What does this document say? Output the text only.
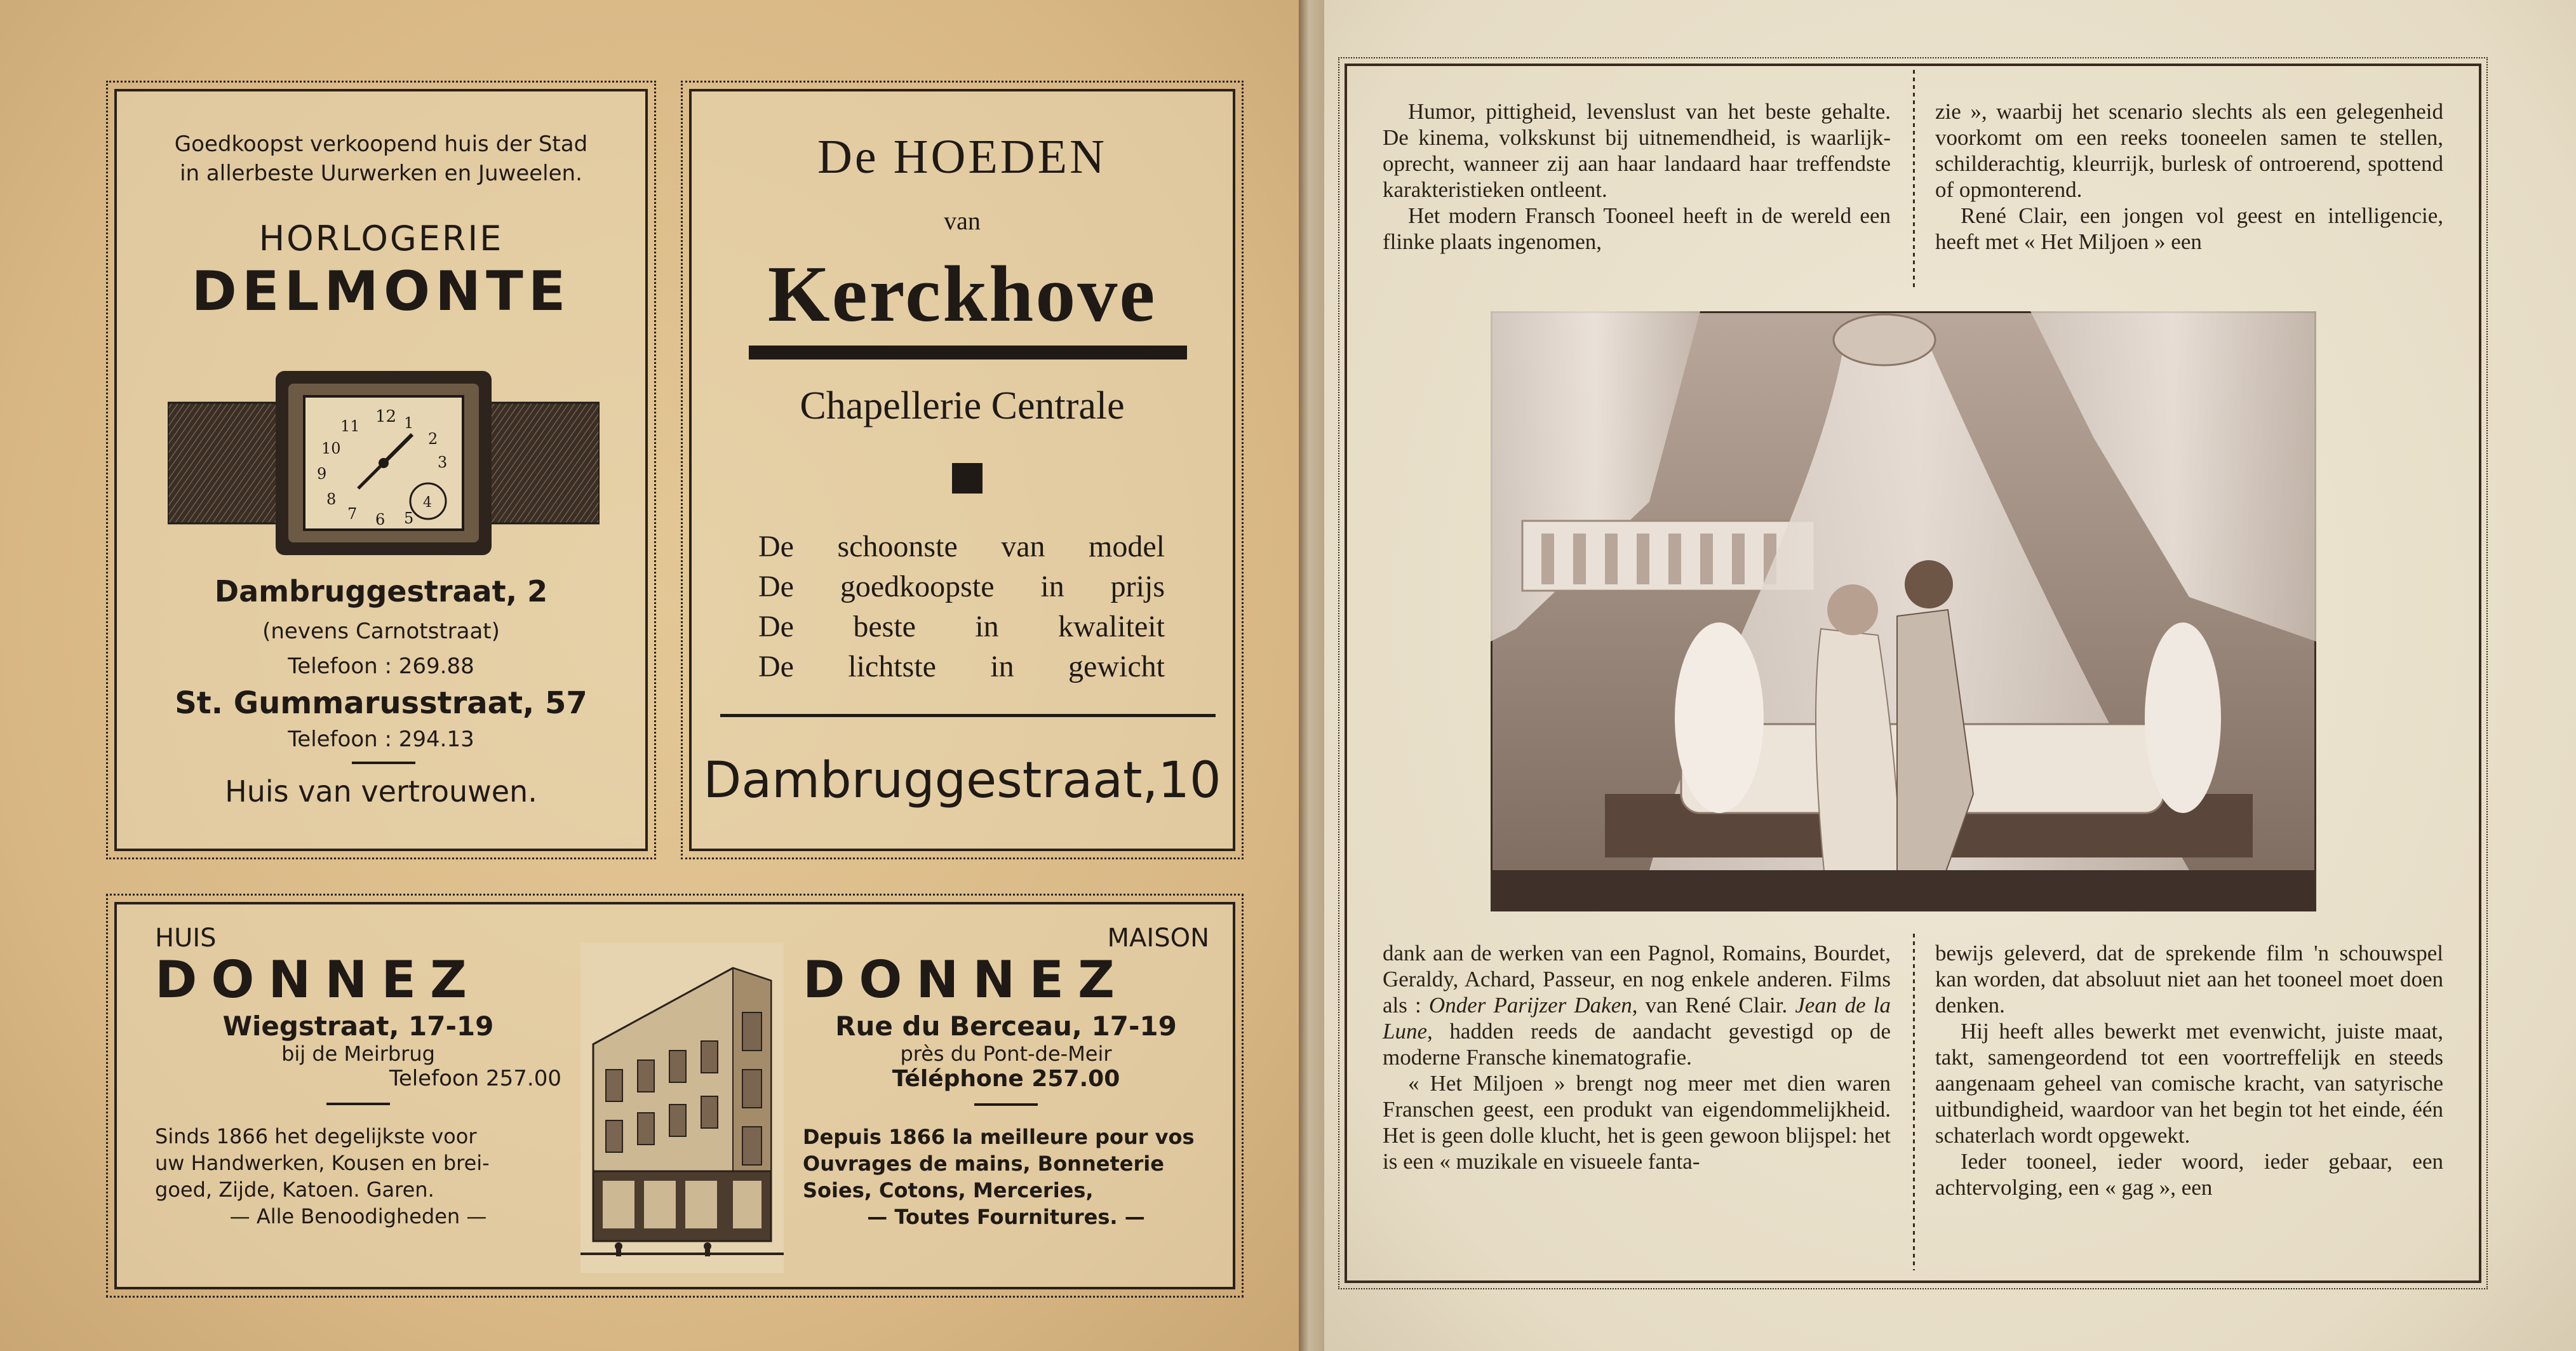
Goedkoopst verkoopend huis der Stad
in allerbeste Uurwerken en Juweelen.
HORLOGERIE
DELMONTE
12 1
2
3
4
5
6
7
8
9
10
11
Dambruggestraat, 2
(nevens Carnotstraat)
Telefoon : 269.88
St. Gummarusstraat, 57
Telefoon : 294.13
Huis van vertrouwen.
De HOEDEN
van
Kerckhove
Chapellerie Centrale
De schoonste van model
De goedkoopste in prijs
De beste in kwaliteit
De lichtste in gewicht
Dambruggestraat,10
HUIS
DONNEZ
Wiegstraat, 17-19
bij de Meirbrug
Telefoon 257.00
Sinds 1866 het degelijkste voor
uw Handwerken, Kousen en brei-
goed, Zijde, Katoen. Garen.
— Alle Benoodigheden —
MAISON
DONNEZ
Rue du Berceau, 17-19
près du Pont-de-Meir
Téléphone 257.00
Depuis 1866 la meilleure pour vos
Ouvrages de mains, Bonneterie
Soies, Cotons, Merceries,
— Toutes Fournitures. —

Humor, pittigheid, levenslust van het beste gehalte. De kinema, volkskunst bij uitnemendheid, is waarlijk-oprecht, wanneer zij aan haar landaard haar treffendste karakteristieken ontleent.

Het modern Fransch Tooneel heeft in de wereld een flinke plaats ingenomen,

zie », waarbij het scenario slechts als een gelegenheid voorkomt om een reeks tooneelen samen te stellen, schilderachtig, kleurrijk, burlesk of ontroerend, spottend of opmonterend.

René Clair, een jongen vol geest en intelligencie, heeft met « Het Miljoen » een

dank aan de werken van een Pagnol, Romains, Bourdet, Geraldy, Achard, Passeur, en nog enkele anderen. Films als : Onder Parijzer Daken, van René Clair. Jean de la Lune, hadden reeds de aandacht gevestigd op de moderne Fransche kinematografie.

« Het Miljoen » brengt nog meer met dien waren Franschen geest, een produkt van eigendommelijkheid. Het is geen dolle klucht, het is geen gewoon blijspel: het is een « muzikale en visueele fanta-

bewijs geleverd, dat de sprekende film 'n schouwspel kan worden, dat absoluut niet aan het tooneel moet doen denken.

Hij heeft alles bewerkt met evenwicht, juiste maat, takt, samengeordend tot een voortreffelijk en steeds aangenaam geheel van comische kracht, van satyrische uitbundigheid, waardoor van het begin tot het einde, één schaterlach wordt opgewekt.

Ieder tooneel, ieder woord, ieder gebaar, een achtervolging, een « gag », een
